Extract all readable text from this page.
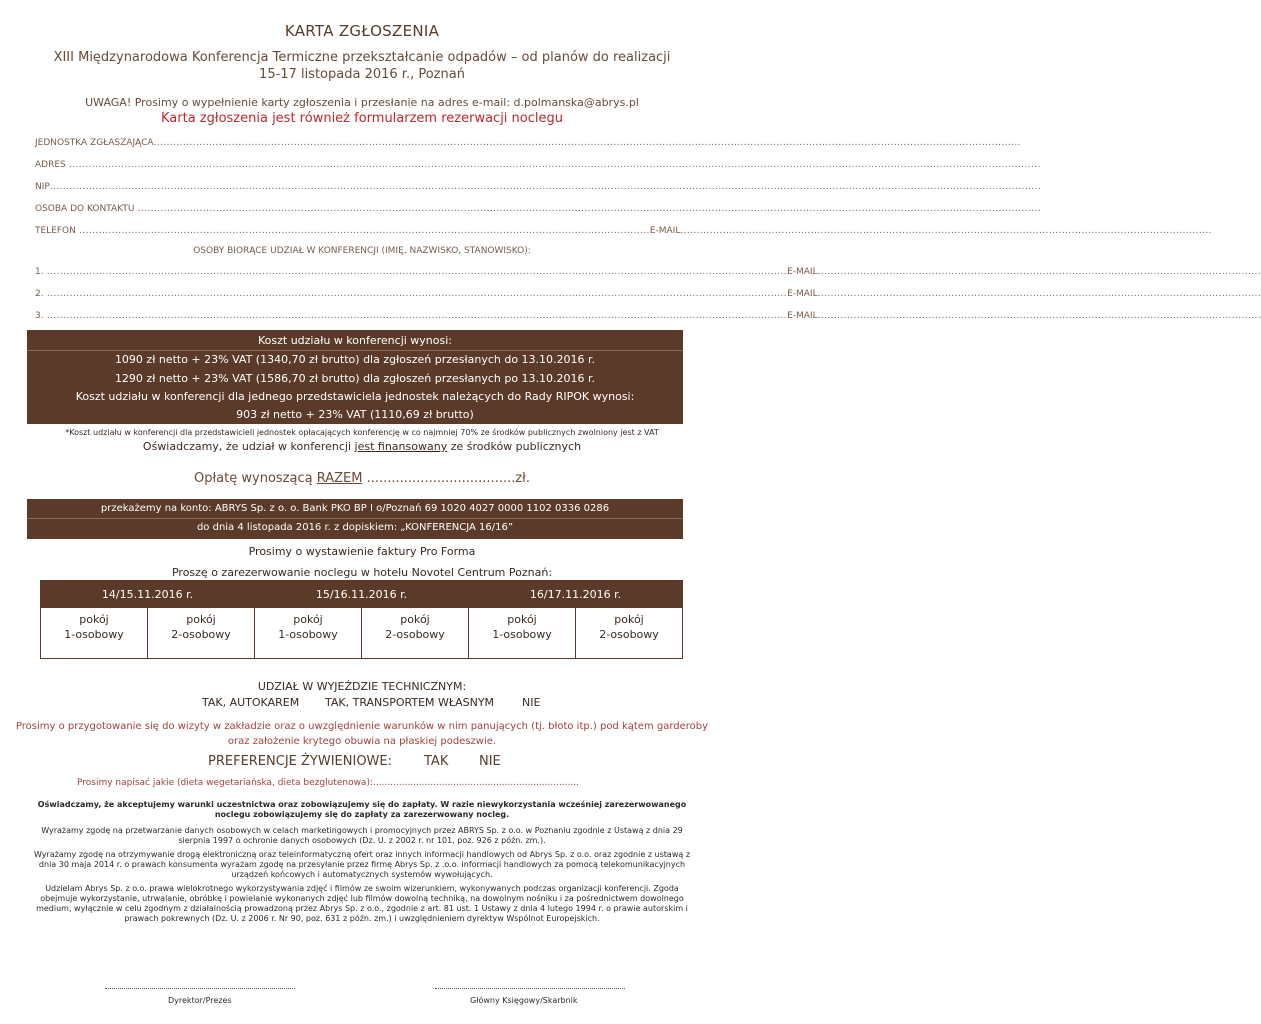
KARTA ZGŁOSZENIA
XIII Międzynarodowa Konferencja Termiczne przekształcanie odpadów – od planów do realizacji
15-17 listopada 2016 r., Poznań
UWAGA! Prosimy o wypełnienie karty zgłoszenia i przesłanie na adres e-mail: d.polmanska@abrys.pl
Karta zgłoszenia jest również formularzem rezerwacji noclegu
JEDNOSTKA ZGŁASZAJĄCA..........................................................................................................................................................................................................................................................................
ADRES ..........................................................................................................................................................................................................................................................................................................
NIP................................................................................................................................................................................................................................................................................................................
OSOBA DO KONTAKTU .....................................................................................................................................................................................................................................................................................
TELEFON ...............................................................................................................................................................................E-MAIL...................................................................................................................................................................
OSOBY BIORĄCE UDZIAŁ W KONFERENCJI (IMIĘ, NAZWISKO, STANOWISKO):
1. ...................................................................................................................................................................................................................................E-MAIL........................................................................................................................................
2. ...................................................................................................................................................................................................................................E-MAIL........................................................................................................................................
3. ...................................................................................................................................................................................................................................E-MAIL........................................................................................................................................
Koszt udziału w konferencji wynosi:
1090 zł netto + 23% VAT (1340,70 zł brutto) dla zgłoszeń przesłanych do 13.10.2016 r.
1290 zł netto + 23% VAT (1586,70 zł brutto) dla zgłoszeń przesłanych po 13.10.2016 r.
Koszt udziału w konferencji dla jednego przedstawiciela jednostek należących do Rady RIPOK wynosi:
903 zł netto + 23% VAT (1110,69 zł brutto)
*Koszt udziału w konferencji dla przedstawicieli jednostek opłacających konferencję w co najmniej 70% ze środków publicznych zwolniony jest z VAT
Oświadczamy, że udział w konferencji jest finansowany ze środków publicznych
Opłatę wynoszącą RAZEM ....................................zł.
przekażemy na konto: ABRYS Sp. z o. o. Bank PKO BP I o/Poznań 69 1020 4027 0000 1102 0336 0286
do dnia 4 listopada 2016 r. z dopiskiem: „KONFERENCJA 16/16”
Prosimy o wystawienie faktury Pro Forma
Proszę o zarezerwowanie noclegu w hotelu Novotel Centrum Poznań:
14/15.11.2016 r.		15/16.11.2016 r.		16/17.11.2016 r.	
pokój
1-osobowy	pokój
2-osobowy	pokój
1-osobowy	pokój
2-osobowy	pokój
1-osobowy	pokój
2-osobowy
UDZIAŁ W WYJEŹDZIE TECHNICZNYM:
TAK, AUTOKAREM TAK, TRANSPORTEM WŁASNYM	NIE
Prosimy o przygotowanie się do wizyty w zakładzie oraz o uwzględnienie warunków w nim panujących (tj. błoto itp.) pod kątem garderoby
oraz założenie krytego obuwia na płaskiej podeszwie.
PREFERENCJE ŻYWIENIOWE: TAK NIE
Prosimy napisać jakie (dieta wegetariańska, dieta bezglutenowa):........................................................................
Oświadczamy, że akceptujemy warunki uczestnictwa oraz zobowiązujemy się do zapłaty. W razie niewykorzystania wcześniej zarezerwowanego noclegu zobowiązujemy się do zapłaty za zarezerwowany nocleg.
Wyrażamy zgodę na przetwarzanie danych osobowych w celach marketingowych i promocyjnych przez ABRYS Sp. z o.o. w Poznaniu zgodnie z Ustawą z dnia 29 sierpnia 1997 o ochronie danych osobowych (Dz. U. z 2002 r. nr 101, poz. 926 z późn. zm.).
Wyrażamy zgodę na otrzymywanie drogą elektroniczną oraz teleinformatyczną ofert oraz innych informacji handlowych od Abrys Sp. z o.o. oraz zgodnie z ustawą z dnia 30 maja 2014 r. o prawach konsumenta wyrażam zgodę na przesyłanie przez firmę Abrys Sp. z .o.o. informacji handlowych za pomocą telekomunikacyjnych urządzeń końcowych i automatycznych systemów wywołujących.
Udzielam Abrys Sp. z o.o. prawa wielokrotnego wykorzystywania zdjęć i filmów ze swoim wizerunkiem, wykonywanych podczas organizacji konferencji. Zgoda obejmuje wykorzystanie, utrwalanie, obróbkę i powielanie wykonanych zdjęć lub filmów dowolną techniką, na dowolnym nośniku i za pośrednictwem dowolnego medium, wyłącznie w celu zgodnym z działalnością prowadzoną przez Abrys Sp. z o.o., zgodnie z art. 81 ust. 1 Ustawy z dnia 4 lutego 1994 r. o prawie autorskim i prawach pokrewnych (Dz. U. z 2006 r. Nr 90, poz. 631 z późn. zm.) i uwzględnieniem dyrektyw Wspólnot Europejskich.
Dyrektor/Prezes	Główny Księgowy/Skarbnik
